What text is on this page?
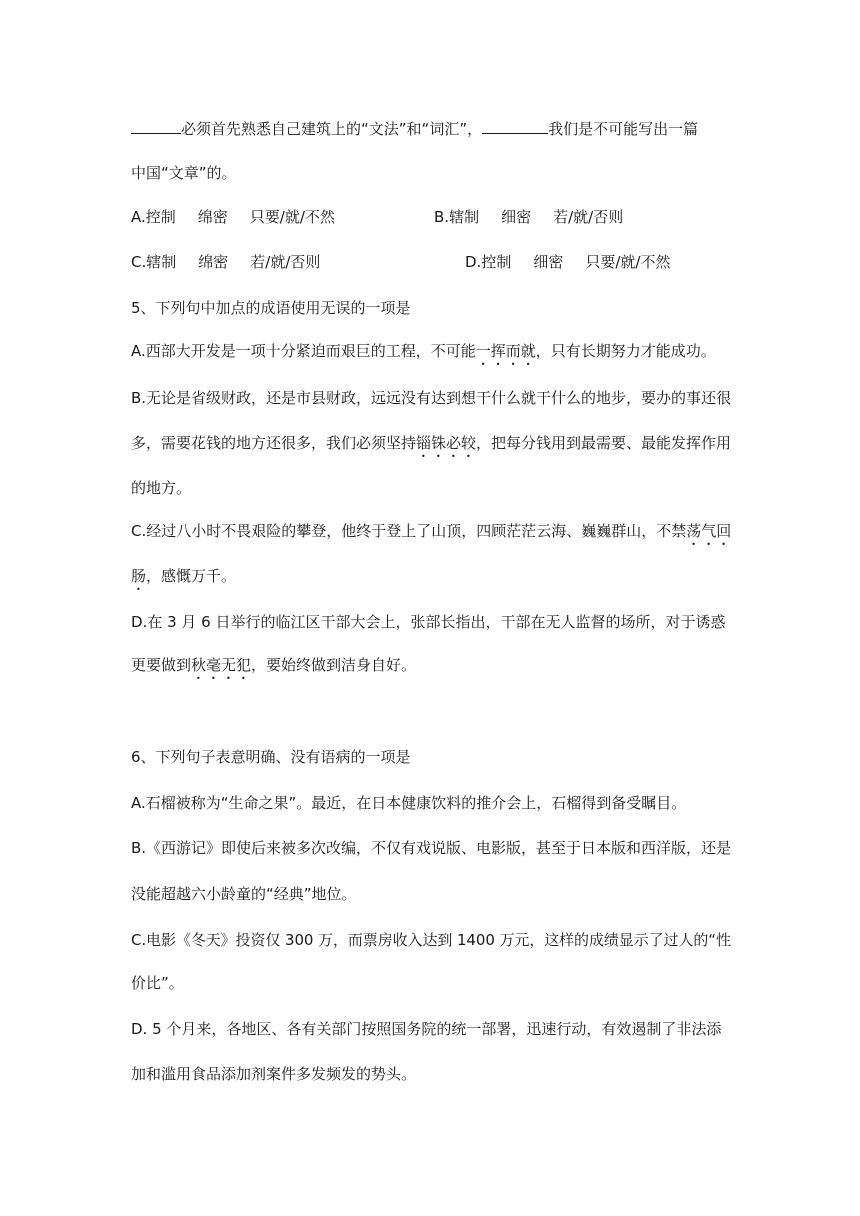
必须首先熟悉自己建筑上的“文法”和“词汇”，	我们是不可能写出一篇
中国“文章”的。
A.控制 绵密 只要/就/不然	B.辖制 细密 若/就/否则
C.辖制 绵密 若/就/否则	D.控制 细密 只要/就/不然
5、下列句中加点的成语使用无误的一项是
A.西部大开发是一项十分紧迫而艰巨的工程，不可能一挥而就，只有长期努力才能成功。
B.无论是省级财政，还是市县财政，远远没有达到想干什么就干什么的地步，要办的事还很
多，需要花钱的地方还很多，我们必须坚持锱铢必较，把每分钱用到最需要、最能发挥作用
的地方。
C.经过八小时不畏艰险的攀登，他终于登上了山顶，四顾茫茫云海、巍巍群山，不禁荡气回
肠，感慨万千。
D.在 3 月 6 日举行的临江区干部大会上，张部长指出，干部在无人监督的场所，对于诱惑
更要做到秋毫无犯，要始终做到洁身自好。
6、下列句子表意明确、没有语病的一项是
A.石榴被称为“生命之果”。最近，在日本健康饮料的推介会上，石榴得到备受瞩目。
B.《西游记》即使后来被多次改编，不仅有戏说版、电影版，甚至于日本版和西洋版，还是
没能超越六小龄童的“经典”地位。
C.电影《冬天》投资仅 300 万，而票房收入达到 1400 万元，这样的成绩显示了过人的“性
价比”。
D. 5 个月来，各地区、各有关部门按照国务院的统一部署，迅速行动，有效遏制了非法添
加和滥用食品添加剂案件多发频发的势头。
